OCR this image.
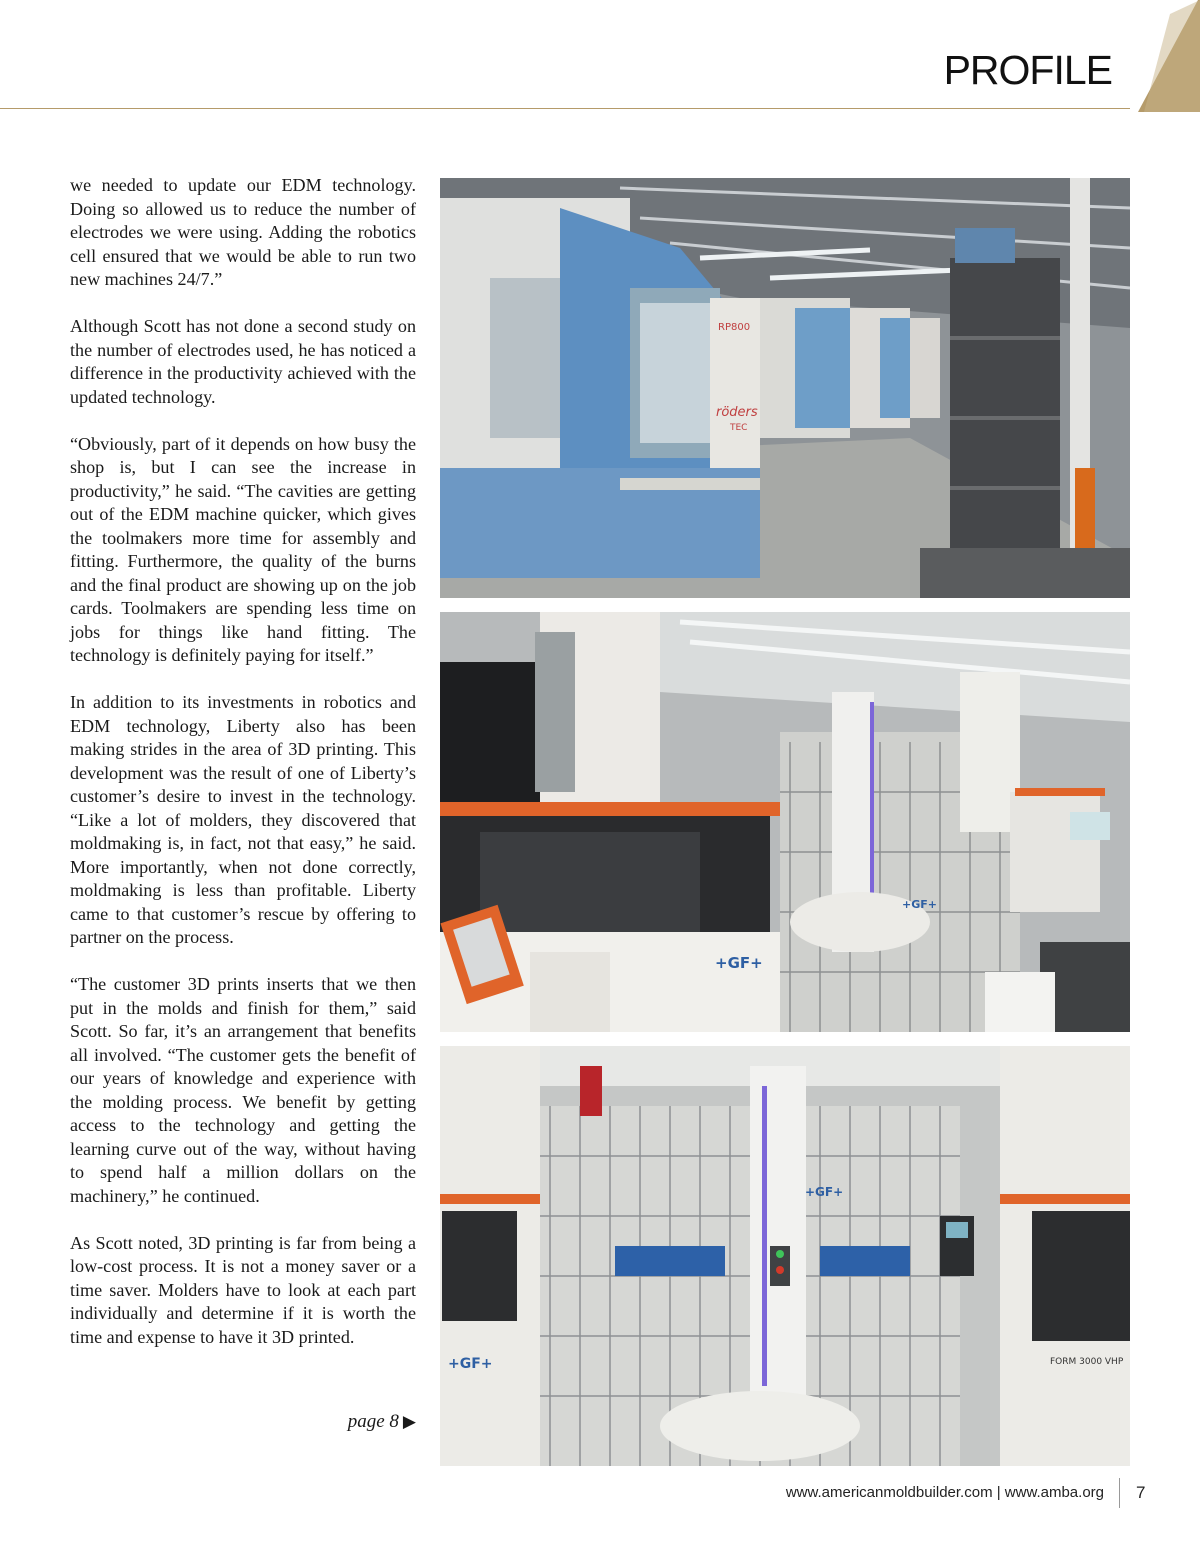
PROFILE

we needed to update our EDM technology. Doing so allowed us to reduce the number of electrodes we were using. Adding the robotics cell ensured that we would be able to run two new machines 24/7.”

Although Scott has not done a second study on the number of electrodes used, he has noticed a difference in the productivity achieved with the updated technology.

“Obviously, part of it depends on how busy the shop is, but I can see the increase in productivity,” he said. “The cavities are getting out of the EDM machine quicker, which gives the toolmakers more time for assembly and fitting. Furthermore, the quality of the burns and the final product are showing up on the job cards. Toolmakers are spending less time on jobs for things like hand fitting. The technology is definitely paying for itself.”

In addition to its investments in robotics and EDM technology, Liberty also has been making strides in the area of 3D printing. This development was the result of one of Liberty’s customer’s desire to invest in the technology. “Like a lot of molders, they discovered that moldmaking is, in fact, not that easy,” he said. More importantly, when not done correctly, moldmaking is less than profitable. Liberty came to that customer’s rescue by offering to partner on the process.

“The customer 3D prints inserts that we then put in the molds and finish for them,” said Scott. So far, it’s an arrangement that benefits all involved. “The customer gets the benefit of our years of knowledge and experience with the molding process. We benefit by getting access to the technology and getting the learning curve out of the way, without having to spend half a million dollars on the machinery,” he continued.

As Scott noted, 3D printing is far from being a low-cost process. It is not a money saver or a time saver. Molders have to look at each part individually and determine if it is worth the time and expense to have it 3D printed.

page 8 ▶
RP800
röders
TEC
+GF+
+GF+
+GF+
+GF+
FORM 3000 VHP
www.americanmoldbuilder.com | www.amba.org 7
